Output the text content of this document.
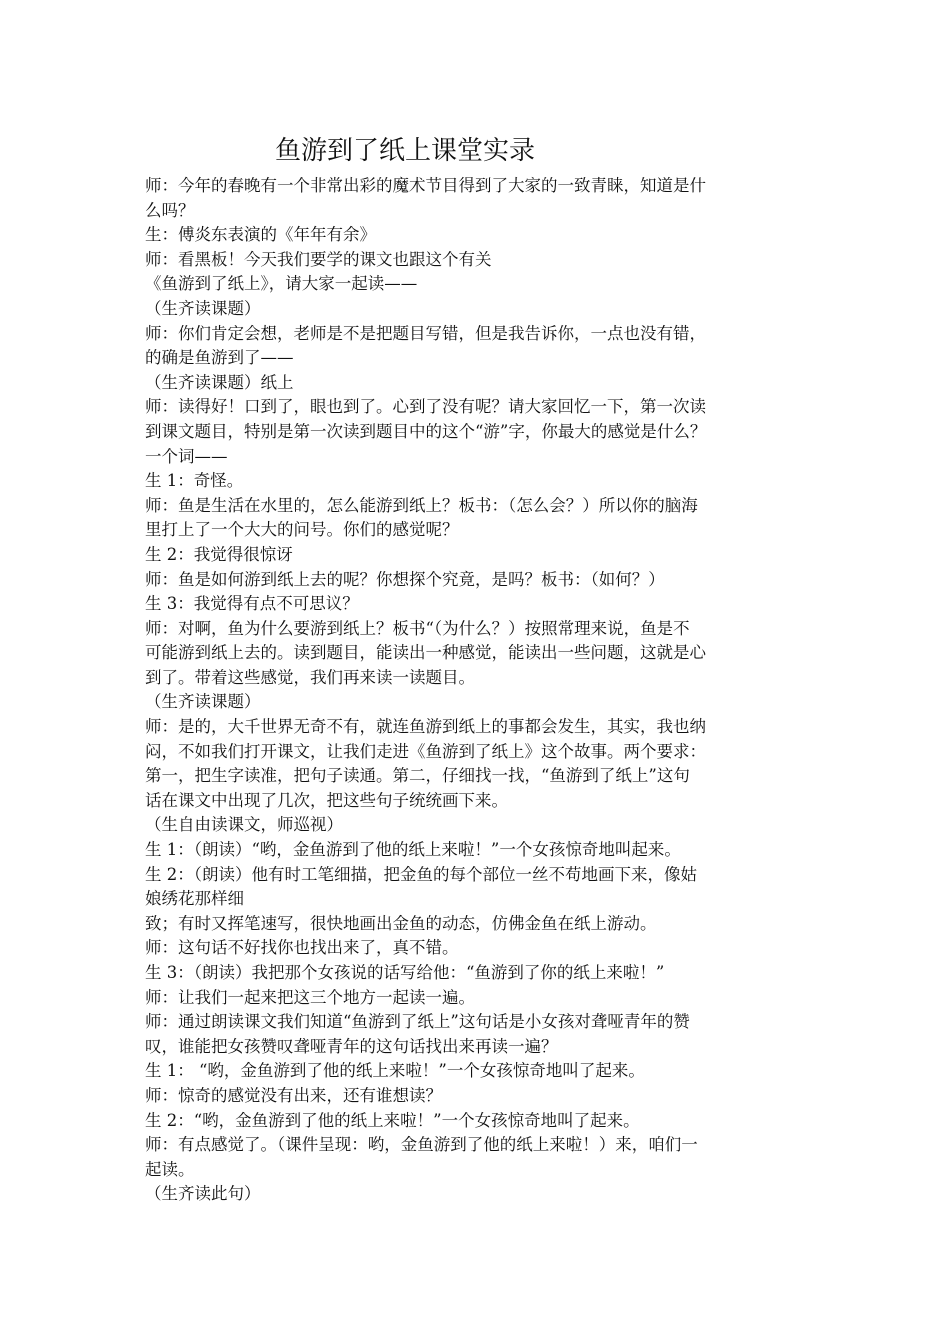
鱼游到了纸上课堂实录
师：今年的春晚有一个非常出彩的魔术节目得到了大家的一致青睐，知道是什
么吗？
生：傅炎东表演的《年年有余》
师：看黑板！今天我们要学的课文也跟这个有关
《鱼游到了纸上》，请大家一起读——
（生齐读课题）
师：你们肯定会想，老师是不是把题目写错，但是我告诉你，一点也没有错，
的确是鱼游到了——
（生齐读课题）纸上
师：读得好！口到了，眼也到了。心到了没有呢？请大家回忆一下，第一次读
到课文题目，特别是第一次读到题目中的这个“游”字，你最大的感觉是什么？
一个词——
生 1：奇怪。
师：鱼是生活在水里的，怎么能游到纸上？板书：（怎么会？）所以你的脑海
里打上了一个大大的问号。你们的感觉呢？
生 2：我觉得很惊讶
师：鱼是如何游到纸上去的呢？你想探个究竟，是吗？板书：（如何？）
生 3：我觉得有点不可思议？
师：对啊，鱼为什么要游到纸上？板书“（为什么？）按照常理来说，鱼是不
可能游到纸上去的。读到题目，能读出一种感觉，能读出一些问题，这就是心
到了。带着这些感觉，我们再来读一读题目。
（生齐读课题）
师：是的，大千世界无奇不有，就连鱼游到纸上的事都会发生，其实，我也纳
闷，不如我们打开课文，让我们走进《鱼游到了纸上》这个故事。两个要求：
第一，把生字读准，把句子读通。第二，仔细找一找，“鱼游到了纸上”这句
话在课文中出现了几次，把这些句子统统画下来。
（生自由读课文，师巡视）
生 1：（朗读）“哟，金鱼游到了他的纸上来啦！”一个女孩惊奇地叫起来。
生 2：（朗读）他有时工笔细描，把金鱼的每个部位一丝不苟地画下来，像姑
娘绣花那样细
致；有时又挥笔速写，很快地画出金鱼的动态，仿佛金鱼在纸上游动。
师：这句话不好找你也找出来了，真不错。
生 3：（朗读）我把那个女孩说的话写给他：“鱼游到了你的纸上来啦！”
师：让我们一起来把这三个地方一起读一遍。
师：通过朗读课文我们知道“鱼游到了纸上”这句话是小女孩对聋哑青年的赞
叹，谁能把女孩赞叹聋哑青年的这句话找出来再读一遍？
生 1： “哟，金鱼游到了他的纸上来啦！”一个女孩惊奇地叫了起来。
师：惊奇的感觉没有出来，还有谁想读？
生 2：“哟，金鱼游到了他的纸上来啦！”一个女孩惊奇地叫了起来。
师：有点感觉了。（课件呈现：哟，金鱼游到了他的纸上来啦！）来，咱们一
起读。
（生齐读此句）
